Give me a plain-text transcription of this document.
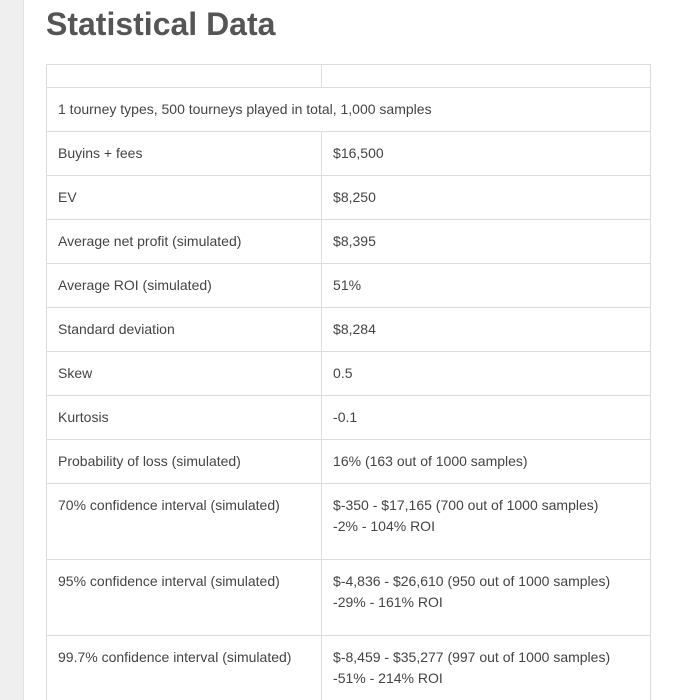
Statistical Data

1 tourney types, 500 tourneys played in total, 1,000 samples	
Buyins + fees	$16,500
EV	$8,250
Average net profit (simulated)	$8,395
Average ROI (simulated)	51%
Standard deviation	$8,284
Skew	0.5
Kurtosis	-0.1
Probability of loss (simulated)	16% (163 out of 1000 samples)
70% confidence interval (simulated)	$-350 - $17,165 (700 out of 1000 samples)
-2% - 104% ROI

95% confidence interval (simulated)	$-4,836 - $26,610 (950 out of 1000 samples)
-29% - 161% ROI

99.7% confidence interval (simulated)	$-8,459 - $35,277 (997 out of 1000 samples)
-51% - 214% ROI
